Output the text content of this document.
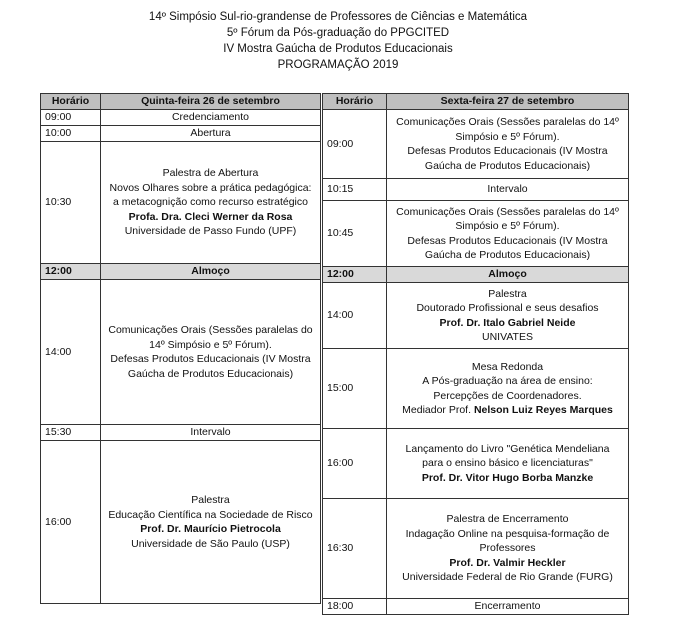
14º Simpósio Sul-rio-grandense de Professores de Ciências e Matemática
5º Fórum da Pós-graduação do PPGCITED
IV Mostra Gaúcha de Produtos Educacionais
PROGRAMAÇÃO 2019
Horário	Quinta-feira 26 de setembro
09:00	Credenciamento
10:00	Abertura
10:30	Palestra de Abertura
Novos Olhares sobre a prática pedagógica:
a metacognição como recurso estratégico
Profa. Dra. Cleci Werner da Rosa
Universidade de Passo Fundo (UPF)

12:00	Almoço
14:00	Comunicações Orais (Sessões paralelas do
14º Simpósio e 5º Fórum).
Defesas Produtos Educacionais (IV Mostra
Gaúcha de Produtos Educacionais)

15:30	Intervalo
16:00	Palestra
Educação Científica na Sociedade de Risco
Prof. Dr. Maurício Pietrocola
Universidade de São Paulo (USP)
Horário	Sexta-feira 27 de setembro
09:00	Comunicações Orais (Sessões paralelas do 14º
Simpósio e 5º Fórum).
Defesas Produtos Educacionais (IV Mostra
Gaúcha de Produtos Educacionais)

10:15	Intervalo
10:45	Comunicações Orais (Sessões paralelas do 14º
Simpósio e 5º Fórum).
Defesas Produtos Educacionais (IV Mostra
Gaúcha de Produtos Educacionais)

12:00	Almoço
14:00	Palestra
Doutorado Profissional e seus desafios
Prof. Dr. Italo Gabriel Neide
UNIVATES

15:00	Mesa Redonda
A Pós-graduação na área de ensino:
Percepções de Coordenadores.
Mediador Prof. Nelson Luiz Reyes Marques

16:00	Lançamento do Livro "Genética Mendeliana
para o ensino básico e licenciaturas"
Prof. Dr. Vitor Hugo Borba Manzke

16:30	Palestra de Encerramento
Indagação Online na pesquisa-formação de
Professores
Prof. Dr. Valmir Heckler
Universidade Federal de Rio Grande (FURG)

18:00	Encerramento
